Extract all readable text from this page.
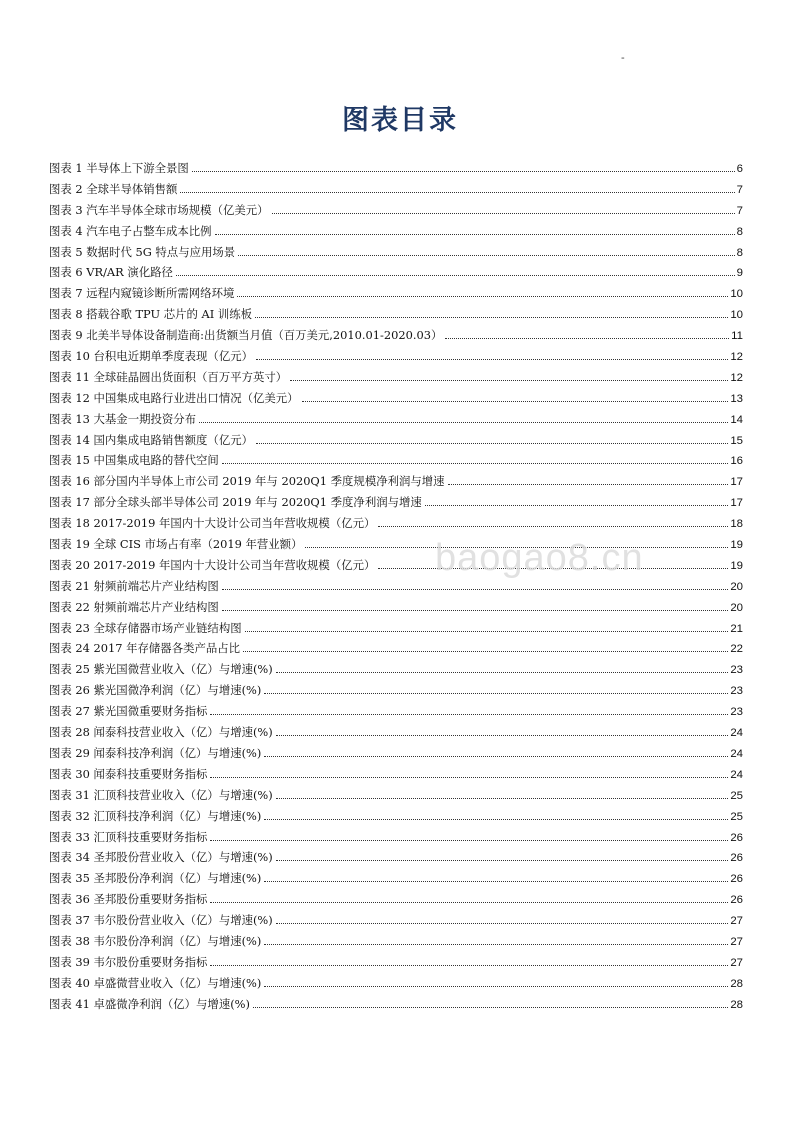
-
图表目录
图表 1 半导体上下游全景图	6
图表 2 全球半导体销售额	7
图表 3 汽车半导体全球市场规模（亿美元）	7
图表 4 汽车电子占整车成本比例	8
图表 5 数据时代 5G 特点与应用场景	8
图表 6 VR/AR 演化路径	9
图表 7 远程内窥镜诊断所需网络环境	10
图表 8 搭载谷歌 TPU 芯片的 AI 训练板	10
图表 9 北美半导体设备制造商:出货额当月值（百万美元,2010.01-2020.03）	11
图表 10 台积电近期单季度表现（亿元）	12
图表 11 全球硅晶圆出货面积（百万平方英寸）	12
图表 12 中国集成电路行业进出口情况（亿美元）	13
图表 13 大基金一期投资分布	14
图表 14 国内集成电路销售额度（亿元）	15
图表 15 中国集成电路的替代空间	16
图表 16 部分国内半导体上市公司 2019 年与 2020Q1 季度规模净利润与增速	17
图表 17 部分全球头部半导体公司 2019 年与 2020Q1 季度净利润与增速	17
图表 18 2017-2019 年国内十大设计公司当年营收规模（亿元）	18
图表 19 全球 CIS 市场占有率（2019 年营业额）	19
图表 20 2017-2019 年国内十大设计公司当年营收规模（亿元）	19
图表 21 射频前端芯片产业结构图	20
图表 22 射频前端芯片产业结构图	20
图表 23 全球存储器市场产业链结构图	21
图表 24 2017 年存储器各类产品占比	22
图表 25 紫光国微营业收入（亿）与增速(%)	23
图表 26 紫光国微净利润（亿）与增速(%)	23
图表 27 紫光国微重要财务指标	23
图表 28 闻泰科技营业收入（亿）与增速(%)	24
图表 29 闻泰科技净利润（亿）与增速(%)	24
图表 30 闻泰科技重要财务指标	24
图表 31 汇顶科技营业收入（亿）与增速(%)	25
图表 32 汇顶科技净利润（亿）与增速(%)	25
图表 33 汇顶科技重要财务指标	26
图表 34 圣邦股份营业收入（亿）与增速(%)	26
图表 35 圣邦股份净利润（亿）与增速(%)	26
图表 36 圣邦股份重要财务指标	26
图表 37 韦尔股份营业收入（亿）与增速(%)	27
图表 38 韦尔股份净利润（亿）与增速(%)	27
图表 39 韦尔股份重要财务指标	27
图表 40 卓盛微营业收入（亿）与增速(%)	28
图表 41 卓盛微净利润（亿）与增速(%)	28
baogao8.cn
